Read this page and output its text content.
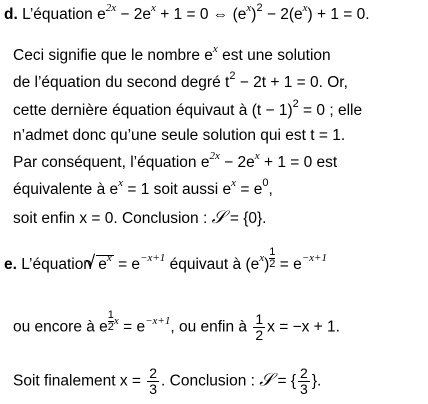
d. L’équation $e^{2x} - 2e^x + 1 = 0$ ⇔ $(e^x)^2 - 2(e^x) + 1 = 0$.
Ceci signifie que le nombre $e^x$ est une solution
de l’équation du second degré $t^2 - 2t + 1 = 0$. Or,
cette dernière équation équivaut à $(t - 1)^2 = 0$ ; elle
n’admet donc qu’une seule solution qui est t = 1.
Par conséquent, l’équation $e^{2x} - 2e^x + 1 = 0$ est
équivalente à $e^x = 1$ soit aussi $e^x = e^0$,
soit enfin x = 0. Conclusion : 𝒮 = {0}.
e. L’équation √ $e^x = e^{-x+1}$ équivaut à $(e^x) \frac{1}{2} = e^{-x+1}$
ou encore à e $\frac{1}{2} ^x = e^{-x+1}$, ou enfin à $\frac{1}{2}$ x = −x + 1.
Soit finalement $x = \frac{2}{3}$ . Conclusion : 𝒮 = { $\frac{2}{3}$ }.
